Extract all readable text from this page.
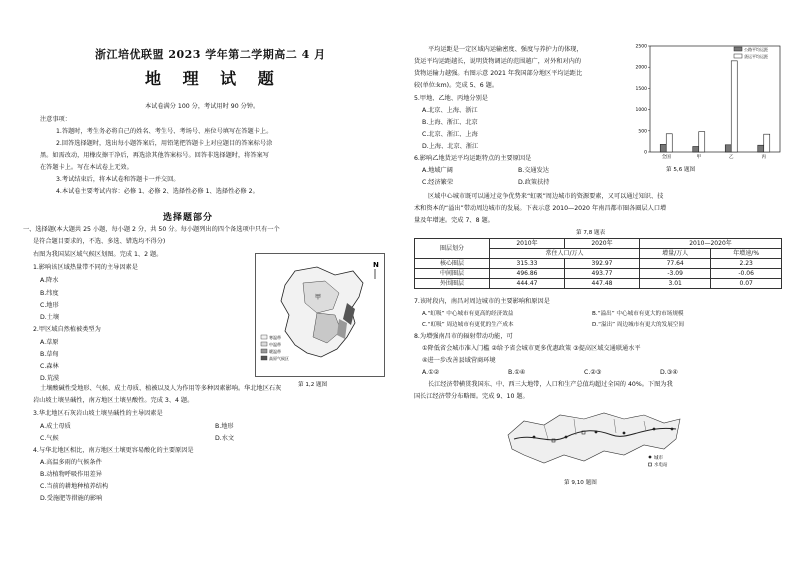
浙江培优联盟 2023 学年第二学期高二 4 月
地 理 试 题
本试卷满分 100 分，考试用时 90 分钟。
注意事项：
1.答题时，考生务必将自己的姓名、考生号、考场号、座位号填写在答题卡上。
2.回答选择题时，选出每小题答案后，用铅笔把答题卡上对应题目的答案标号涂
黑。如需改动，用橡皮擦干净后，再选涂其他答案标号。回答非选择题时，将答案写
在答题卡上。写在本试卷上无效。
3.考试结束后，将本试卷和答题卡一并交回。
4.本试卷主要考试内容：必修 1、必修 2、选择性必修 1、选择性必修 2。
选择题部分
一、选择题(本大题共 25 小题，每小题 2 分，共 50 分。每小题列出的四个备选项中只有一个
是符合题目要求的，不选、多选、错选均不得分)
右图为我国某区域气候区划图。完成 1、2 题。
1.影响该区域热量带不同的主导因素是
A.降水
B.纬度
C.地形
D.土壤
2.甲区域自然植被类型为
A.草原
B.草甸
C.森林
D.荒漠
土壤酸碱性受地形、气候、成土母质、植被以及人为作用等多种因素影响。华北地区石灰
岩山坡土壤呈碱性，南方地区土壤呈酸性。完成 3、4 题。
3.华北地区石灰岩山坡土壤呈碱性的主导因素是
A.成土母质	B.地形
C.气候	D.水文
4.与华北地区相比，南方地区土壤更容易酸化的主要原因是
A.高温多雨的气候条件
B.动植物呼吸作用差异
C.当前的耕地种植养结构
D.受施肥等措施的影响
甲
N
寒温带
中温带
暖温带
高原气候区
第 1,2 题图
平均运距是一定区域内运输密度、强度与养护力的体现，
货运平均运距越长，说明货物调运的范围越广，对外和对内的
货物运输力越强。右图示意 2021 年我国部分地区平均运距比
较(单位:km)。完成 5、6 题。
5.甲地、乙地、丙地分别是
A.北京、上海、浙江
B.上海、浙江、北京
C.北京、浙江、上海
D.上海、北京、浙江
6.影响乙地货运平均运距特点的主要原因是
A.地域广阔	B.交通发达
C.经济繁荣	D.政策扶持
0
500
1000
1500
2000
2500
全国	甲	乙	丙
公路平均运距
货运平均运距
第 5,6 题图
区域中心城市既可以通过竞争优势来“虹吸”周边城市的资源要素，又可以通过知识、技
术和资本的“溢出”带动周边城市的发展。下表示意 2010—2020 年南昌都市圈各圈层人口增
量及年增速。完成 7、8 题。
第 7,8 题表
圈层划分	2010年	2020年	2010—2020年	
	常住人口/万人		增量/万人	年增速/%
核心圈层	315.33	392.97	77.64	2.23
中间圈层	496.86	493.77	-3.09	-0.06
外围圈层	444.47	447.48	3.01	0.07
7.该时段内，南昌对周边城市的主要影响和原因是
A.“虹吸” 中心城市有更高的经济效益	B.“溢出” 中心城市有更大的市场规模
C.“虹吸” 周边城市有更优的生产成本	D.“溢出” 周边城市有更大的发展空间
8.为增强南昌市的辐射带动功能，可
①降低省会城市准入门槛 ②给予省会城市更多优惠政策 ③提高区域交通联通水平
④进一步改善县域营商环境
A.①②	B.①④	C.②③	D.③④
长江经济带横贯我国东、中、西三大地带，人口和生产总值均超过全国的 40%。下图为我
国长江经济带分布略图。完成 9、10 题。
城市
水电站
第 9,10 题图
